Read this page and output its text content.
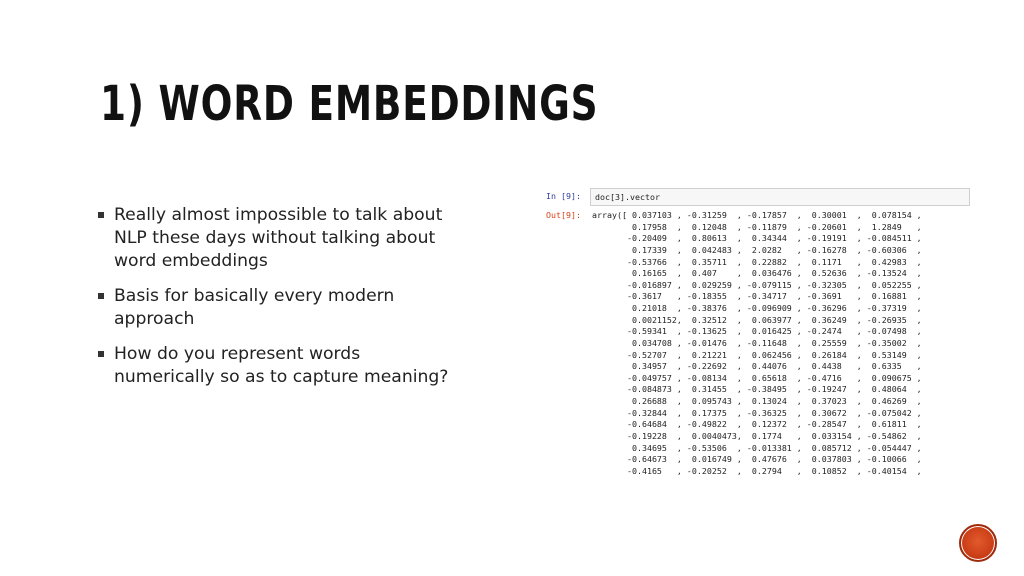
1) WORD EMBEDDINGS
Really almost impossible to talk about NLP these days without talking about word embeddings
Basis for basically every modern approach
How do you represent words numerically so as to capture meaning?
In [9]:	doc[3].vector
Out[9]: array([ 0.037103 , -0.31259  , -0.17857  ,  0.30001  ,  0.078154 ,
0.17958  ,  0.12048  , -0.11879  , -0.20601  ,  1.2849   ,
-0.20409  ,  0.80613  ,  0.34344  , -0.19191  , -0.084511 ,
0.17339  ,  0.042483 ,  2.0282   , -0.16278  , -0.60306  ,
-0.53766  ,  0.35711  ,  0.22882  ,  0.1171   ,  0.42983  ,
0.16165  ,  0.407    ,  0.036476 ,  0.52636  , -0.13524  ,
-0.016897 ,  0.029259 , -0.079115 , -0.32305  ,  0.052255 ,
-0.3617   , -0.18355  , -0.34717  , -0.3691   ,  0.16881  ,
0.21018  , -0.38376  , -0.096909 , -0.36296  , -0.37319  ,
0.0021152,  0.32512  ,  0.063977 ,  0.36249  , -0.26935  ,
-0.59341  , -0.13625  ,  0.016425 , -0.2474   , -0.07498  ,
0.034708 , -0.01476  , -0.11648  ,  0.25559  , -0.35002  ,
-0.52707  ,  0.21221  ,  0.062456 ,  0.26184  ,  0.53149  ,
0.34957  , -0.22692  ,  0.44076  ,  0.4438   ,  0.6335   ,
-0.049757 , -0.08134  ,  0.65618  , -0.4716   ,  0.090675 ,
-0.084873 ,  0.31455  , -0.38495  , -0.19247  ,  0.48064  ,
0.26688  ,  0.095743 ,  0.13024  ,  0.37023  ,  0.46269  ,
-0.32844  ,  0.17375  , -0.36325  ,  0.30672  , -0.075042 ,
-0.64684  , -0.49822  ,  0.12372  , -0.28547  ,  0.61811  ,
-0.19228  ,  0.0040473,  0.1774   ,  0.033154 , -0.54862  ,
0.34695  , -0.53506  , -0.013381 ,  0.085712 , -0.054447 ,
-0.64673  ,  0.016749 ,  0.47676  ,  0.037803 , -0.10066  ,
-0.4165   , -0.20252  ,  0.2794   ,  0.10852  , -0.40154  ,
